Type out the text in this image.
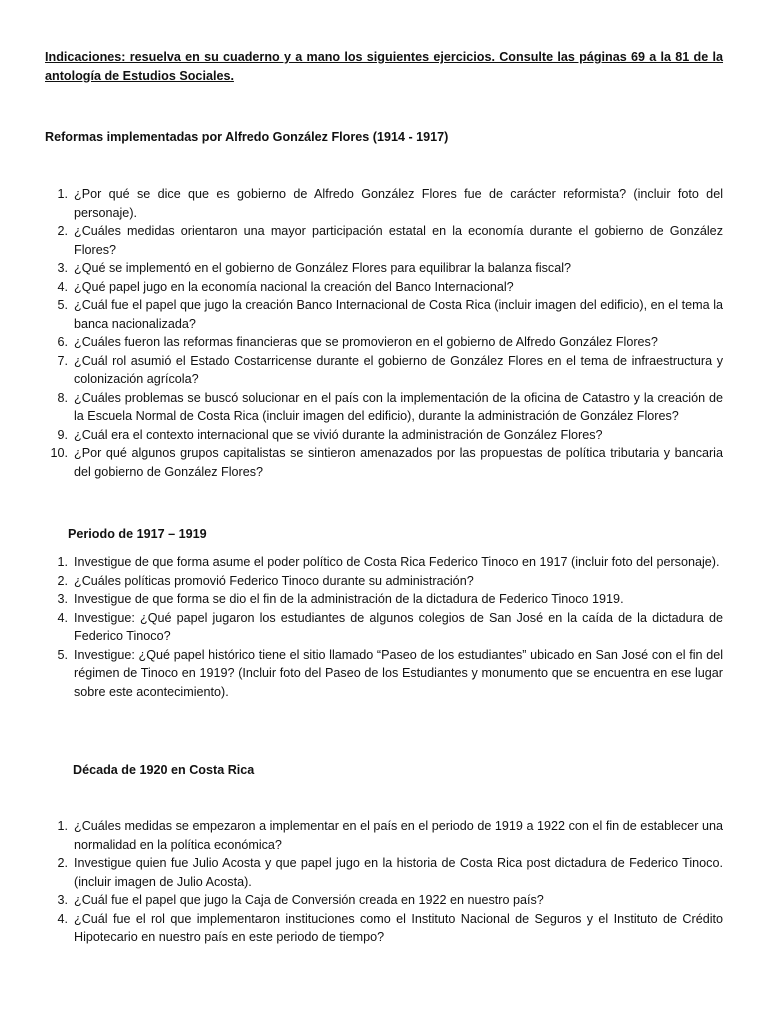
Indicaciones: resuelva en su cuaderno y a mano los siguientes ejercicios. Consulte las páginas 69 a la 81 de la antología de Estudios Sociales.
Reformas implementadas por Alfredo González Flores (1914 - 1917)
1. ¿Por qué se dice que es gobierno de Alfredo González Flores fue de carácter reformista? (incluir foto del personaje).
2. ¿Cuáles medidas orientaron una mayor participación estatal en la economía durante el gobierno de González Flores?
3. ¿Qué se implementó en el gobierno de González Flores para equilibrar la balanza fiscal?
4. ¿Qué papel jugo en la economía nacional la creación del Banco Internacional?
5. ¿Cuál fue el papel que jugo la creación Banco Internacional de Costa Rica (incluir imagen del edificio), en el tema la banca nacionalizada?
6. ¿Cuáles fueron las reformas financieras que se promovieron en el gobierno de Alfredo González Flores?
7. ¿Cuál rol asumió el Estado Costarricense durante el gobierno de González Flores en el tema de infraestructura y colonización agrícola?
8. ¿Cuáles problemas se buscó solucionar en el país con la implementación de la oficina de Catastro y la creación de la Escuela Normal de Costa Rica (incluir imagen del edificio), durante la administración de González Flores?
9. ¿Cuál era el contexto internacional que se vivió durante la administración de González Flores?
10. ¿Por qué algunos grupos capitalistas se sintieron amenazados por las propuestas de política tributaria y bancaria del gobierno de González Flores?
Periodo de 1917 – 1919
1. Investigue de que forma asume el poder político de Costa Rica Federico Tinoco en 1917 (incluir foto del personaje).
2. ¿Cuáles políticas promovió Federico Tinoco durante su administración?
3. Investigue de que forma se dio el fin de la administración de la dictadura de Federico Tinoco 1919.
4. Investigue: ¿Qué papel jugaron los estudiantes de algunos colegios de San José en la caída de la dictadura de Federico Tinoco?
5. Investigue: ¿Qué papel histórico tiene el sitio llamado “Paseo de los estudiantes” ubicado en San José con el fin del régimen de Tinoco en 1919? (Incluir foto del Paseo de los Estudiantes y monumento que se encuentra en ese lugar sobre este acontecimiento).
Década de 1920 en Costa Rica
1. ¿Cuáles medidas se empezaron a implementar en el país en el periodo de 1919 a 1922 con el fin de establecer una normalidad en la política económica?
2. Investigue quien fue Julio Acosta y que papel jugo en la historia de Costa Rica post dictadura de Federico Tinoco. (incluir imagen de Julio Acosta).
3. ¿Cuál fue el papel que jugo la Caja de Conversión creada en 1922 en nuestro país?
4. ¿Cuál fue el rol que implementaron instituciones como el Instituto Nacional de Seguros y el Instituto de Crédito Hipotecario en nuestro país en este periodo de tiempo?
